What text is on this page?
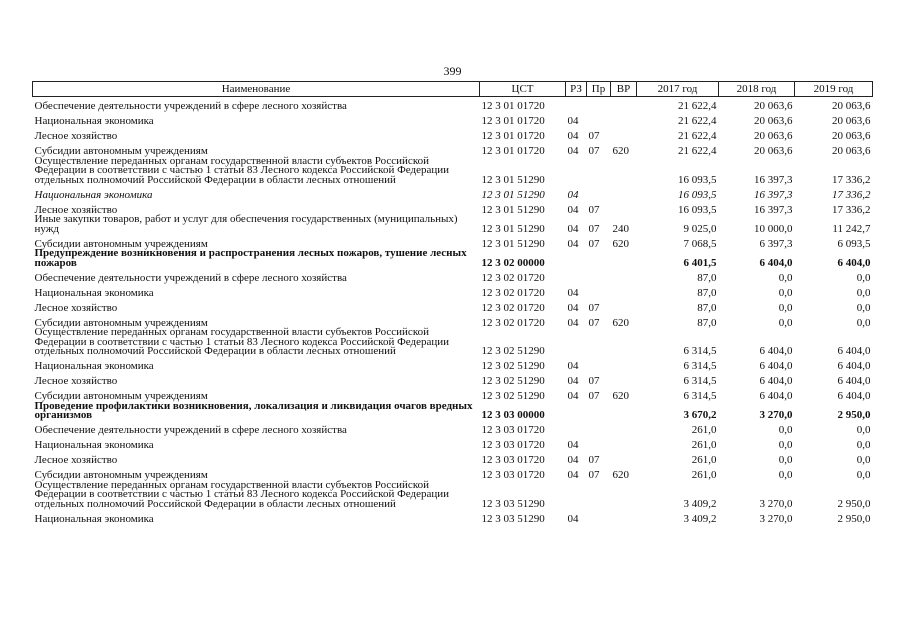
399
Наименование	ЦСТ	РЗ	Пр	ВР	2017 год	2018 год	2019 год
Обеспечение деятельности учреждений в сфере лесного хозяйства	12 3 01 01720				21 622,4	20 063,6	20 063,6
Национальная экономика	12 3 01 01720	04			21 622,4	20 063,6	20 063,6
Лесное хозяйство	12 3 01 01720	04	07		21 622,4	20 063,6	20 063,6
Субсидии автономным учреждениям	12 3 01 01720	04	07	620	21 622,4	20 063,6	20 063,6
Осуществление переданных органам государственной власти субъектов Российской Федерации в соответствии с частью 1 статьи 83 Лесного кодекса Российской Федерации отдельных полномочий Российской Федерации в области лесных отношений	12 3 01 51290				16 093,5	16 397,3	17 336,2
Национальная экономика	12 3 01 51290	04			16 093,5	16 397,3	17 336,2
Лесное хозяйство	12 3 01 51290	04	07		16 093,5	16 397,3	17 336,2
Иные закупки товаров, работ и услуг для обеспечения государственных (муниципальных) нужд	12 3 01 51290	04	07	240	9 025,0	10 000,0	11 242,7
Субсидии автономным учреждениям	12 3 01 51290	04	07	620	7 068,5	6 397,3	6 093,5
Предупреждение возникновения и распространения лесных пожаров, тушение лесных пожаров	12 3 02 00000				6 401,5	6 404,0	6 404,0
Обеспечение деятельности учреждений в сфере лесного хозяйства	12 3 02 01720				87,0	0,0	0,0
Национальная экономика	12 3 02 01720	04			87,0	0,0	0,0
Лесное хозяйство	12 3 02 01720	04	07		87,0	0,0	0,0
Субсидии автономным учреждениям	12 3 02 01720	04	07	620	87,0	0,0	0,0
Осуществление переданных органам государственной власти субъектов Российской Федерации в соответствии с частью 1 статьи 83 Лесного кодекса Российской Федерации отдельных полномочий Российской Федерации в области лесных отношений	12 3 02 51290				6 314,5	6 404,0	6 404,0
Национальная экономика	12 3 02 51290	04			6 314,5	6 404,0	6 404,0
Лесное хозяйство	12 3 02 51290	04	07		6 314,5	6 404,0	6 404,0
Субсидии автономным учреждениям	12 3 02 51290	04	07	620	6 314,5	6 404,0	6 404,0
Проведение профилактики возникновения, локализация и ликвидация очагов вредных организмов	12 3 03 00000				3 670,2	3 270,0	2 950,0
Обеспечение деятельности учреждений в сфере лесного хозяйства	12 3 03 01720				261,0	0,0	0,0
Национальная экономика	12 3 03 01720	04			261,0	0,0	0,0
Лесное хозяйство	12 3 03 01720	04	07		261,0	0,0	0,0
Субсидии автономным учреждениям	12 3 03 01720	04	07	620	261,0	0,0	0,0
Осуществление переданных органам государственной власти субъектов Российской Федерации в соответствии с частью 1 статьи 83 Лесного кодекса Российской Федерации отдельных полномочий Российской Федерации в области лесных отношений	12 3 03 51290				3 409,2	3 270,0	2 950,0
Национальная экономика	12 3 03 51290	04			3 409,2	3 270,0	2 950,0
